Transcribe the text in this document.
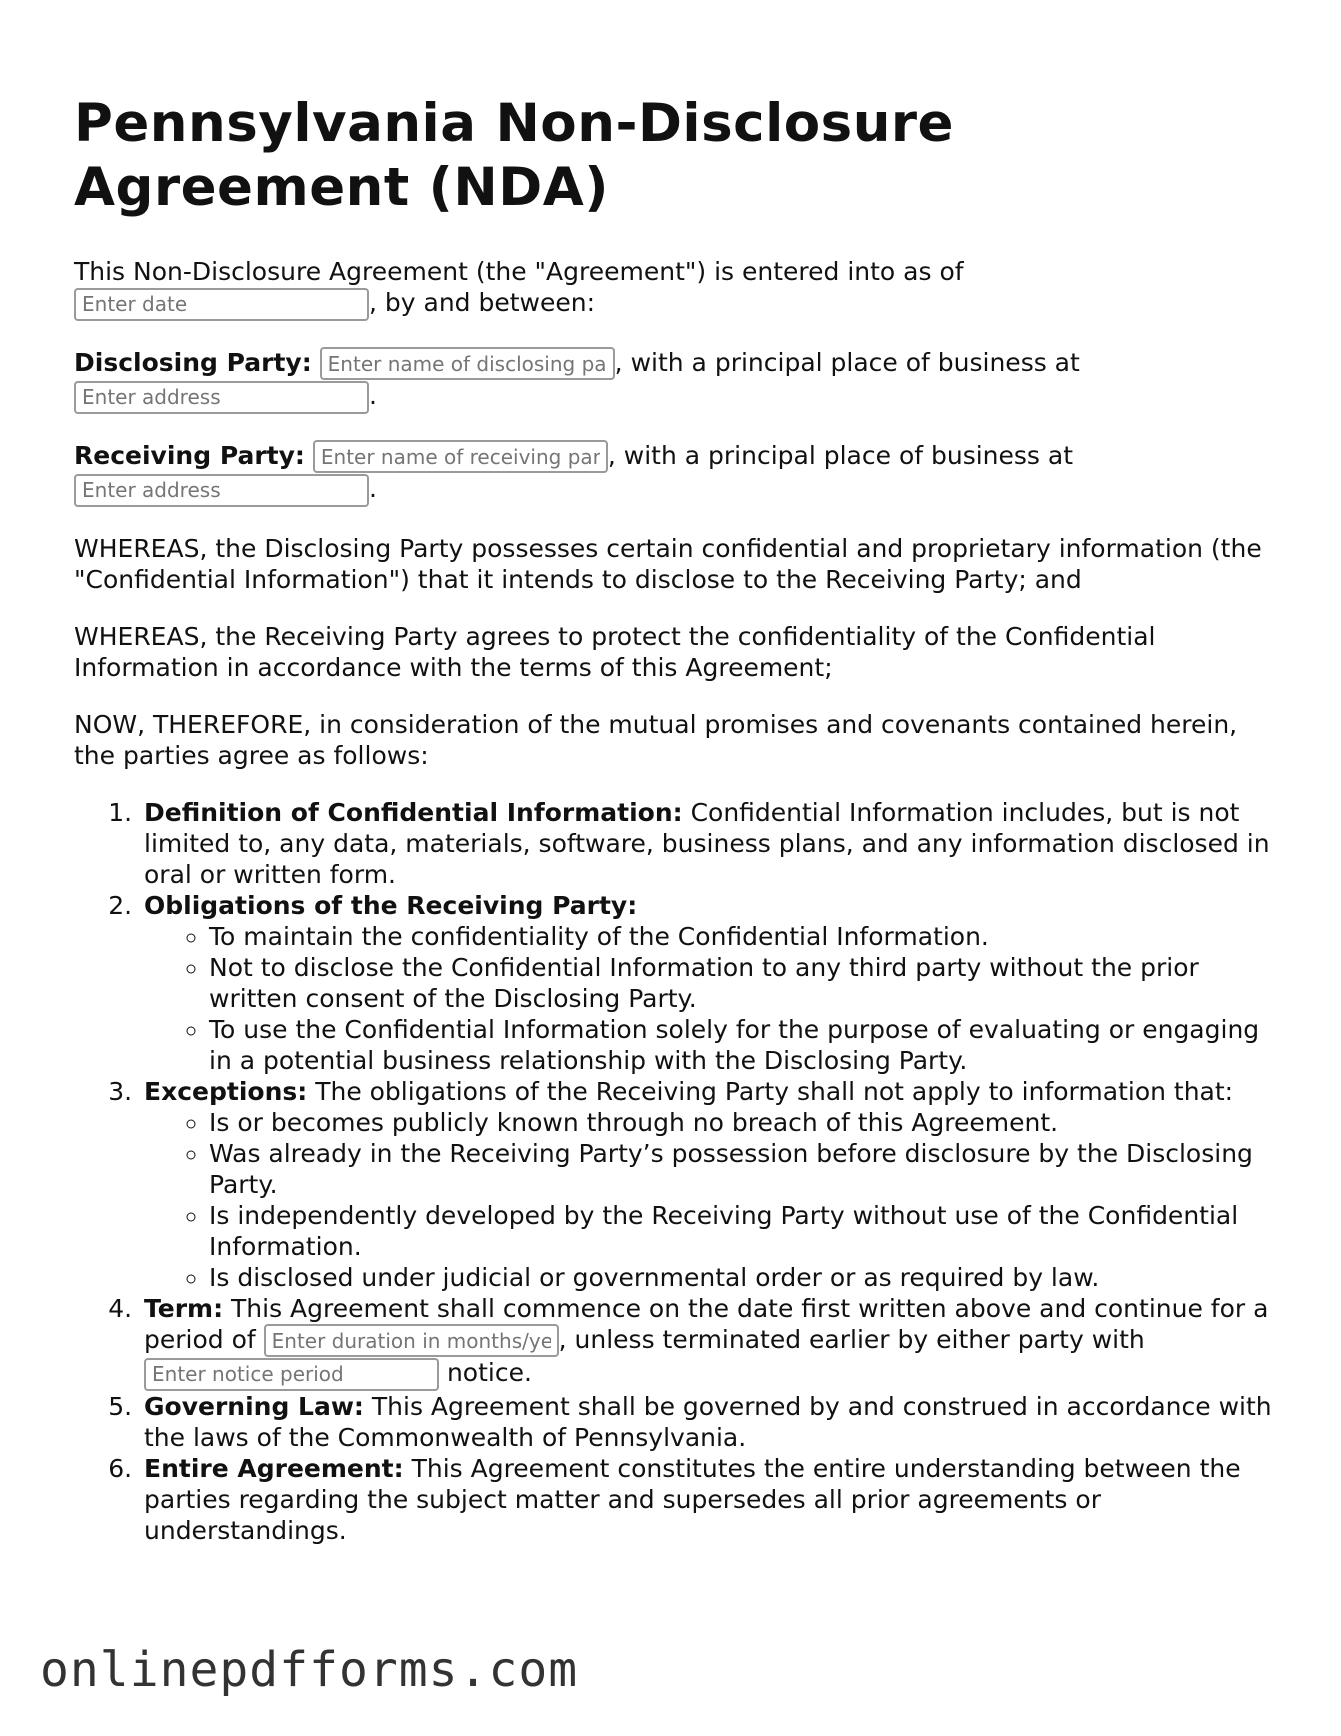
Pennsylvania Non-Disclosure Agreement (NDA)

This Non-Disclosure Agreement (the "Agreement") is entered into as of
Enter date, by and between:

Disclosing Party: Enter name of disclosing party	, with a principal place of business at
Enter address.

Receiving Party: Enter name of receiving party	, with a principal place of business at
Enter address.

WHEREAS, the Disclosing Party possesses certain confidential and proprietary information (the "Confidential Information") that it intends to disclose to the Receiving Party; and

WHEREAS, the Receiving Party agrees to protect the confidentiality of the Confidential Information in accordance with the terms of this Agreement;

NOW, THEREFORE, in consideration of the mutual promises and covenants contained herein, the parties agree as follows:

1. Definition of Confidential Information: Confidential Information includes, but is not limited to, any data, materials, software, business plans, and any information disclosed in oral or written form.
2. Obligations of the Receiving Party:
◦ To maintain the confidentiality of the Confidential Information.
◦ Not to disclose the Confidential Information to any third party without the prior written consent of the Disclosing Party.
◦ To use the Confidential Information solely for the purpose of evaluating or engaging in a potential business relationship with the Disclosing Party.
3. Exceptions: The obligations of the Receiving Party shall not apply to information that:
◦ Is or becomes publicly known through no breach of this Agreement.
◦ Was already in the Receiving Party’s possession before disclosure by the Disclosing Party.
◦ Is independently developed by the Receiving Party without use of the Confidential Information.
◦ Is disclosed under judicial or governmental order or as required by law.
4. Term: This Agreement shall commence on the date first written above and continue for a period of Enter duration in months/years	, unless terminated earlier by either party with Enter notice period notice.
5. Governing Law: This Agreement shall be governed by and construed in accordance with the laws of the Commonwealth of Pennsylvania.
6. Entire Agreement: This Agreement constitutes the entire understanding between the parties regarding the subject matter and supersedes all prior agreements or understandings.
onlinepdfforms.com
